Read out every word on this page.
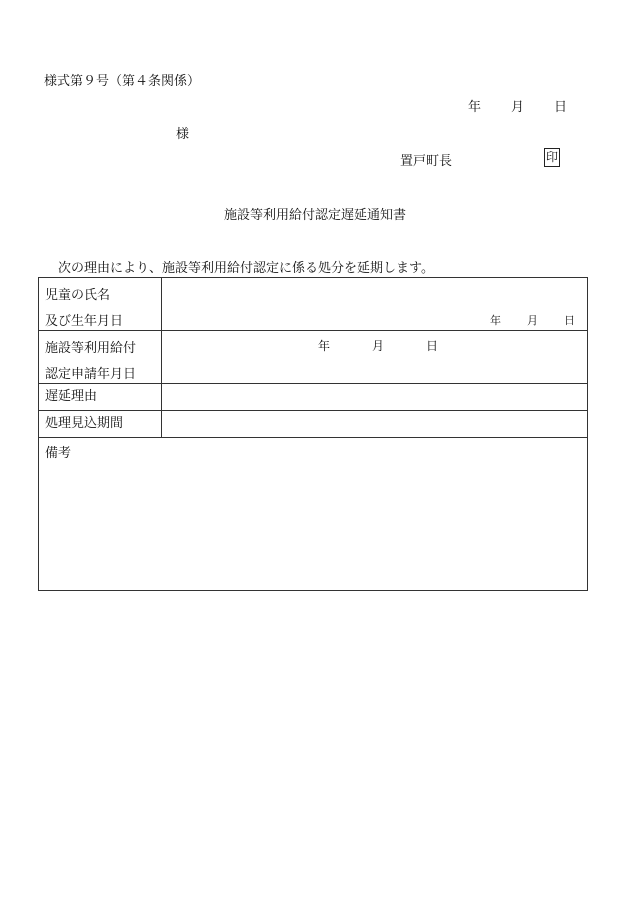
様式第９号（第４条関係）
年 月 日
様
置戸町長	印
施設等利用給付認定遅延通知書
次の理由により、施設等利用給付認定に係る処分を延期します。
児童の氏名
及び生年月日	年 月 日

施設等利用給付
認定申請年月日	年 月 日

遅延理由	
処理見込期間	
備考	
